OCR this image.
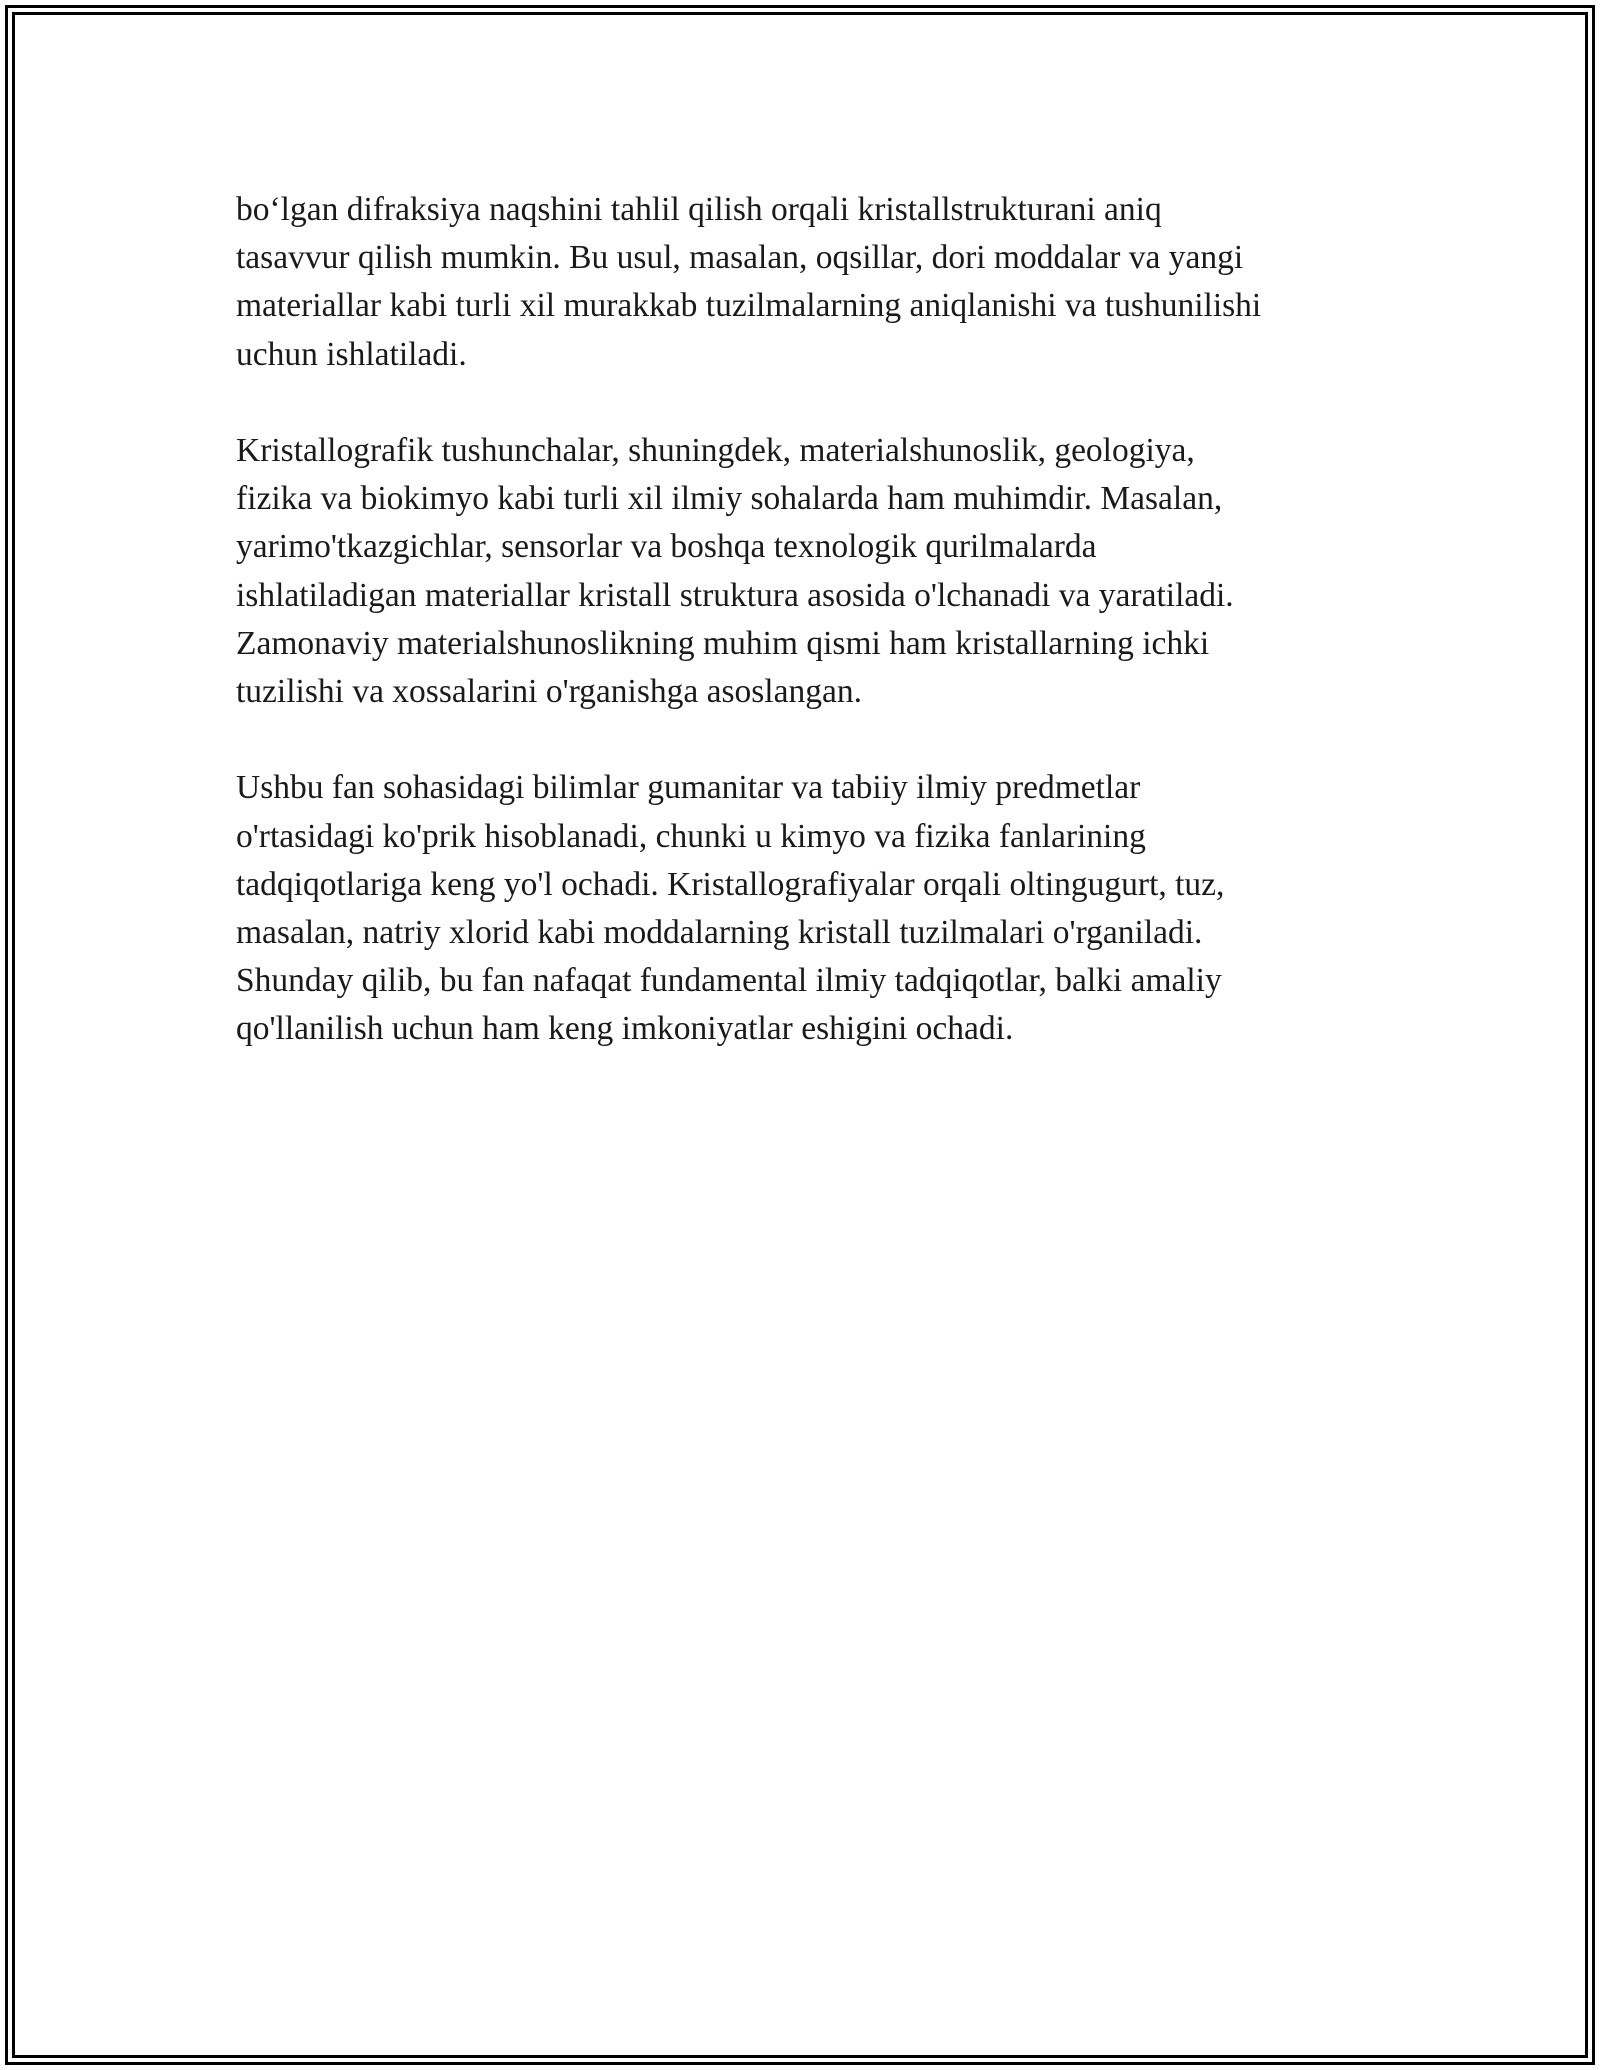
bo‘lgan difraksiya naqshini tahlil qilish orqali kristallstrukturani aniq
tasavvur qilish mumkin. Bu usul, masalan, oqsillar, dori moddalar va yangi
materiallar kabi turli xil murakkab tuzilmalarning aniqlanishi va tushunilishi
uchun ishlatiladi.

Kristallografik tushunchalar, shuningdek, materialshunoslik, geologiya,
fizika va biokimyo kabi turli xil ilmiy sohalarda ham muhimdir. Masalan,
yarimo'tkazgichlar, sensorlar va boshqa texnologik qurilmalarda
ishlatiladigan materiallar kristall struktura asosida o'lchanadi va yaratiladi.
Zamonaviy materialshunoslikning muhim qismi ham kristallarning ichki
tuzilishi va xossalarini o'rganishga asoslangan.

Ushbu fan sohasidagi bilimlar gumanitar va tabiiy ilmiy predmetlar
o'rtasidagi ko'prik hisoblanadi, chunki u kimyo va fizika fanlarining
tadqiqotlariga keng yo'l ochadi. Kristallografiyalar orqali oltingugurt, tuz,
masalan, natriy xlorid kabi moddalarning kristall tuzilmalari o'rganiladi.
Shunday qilib, bu fan nafaqat fundamental ilmiy tadqiqotlar, balki amaliy
qo'llanilish uchun ham keng imkoniyatlar eshigini ochadi.
